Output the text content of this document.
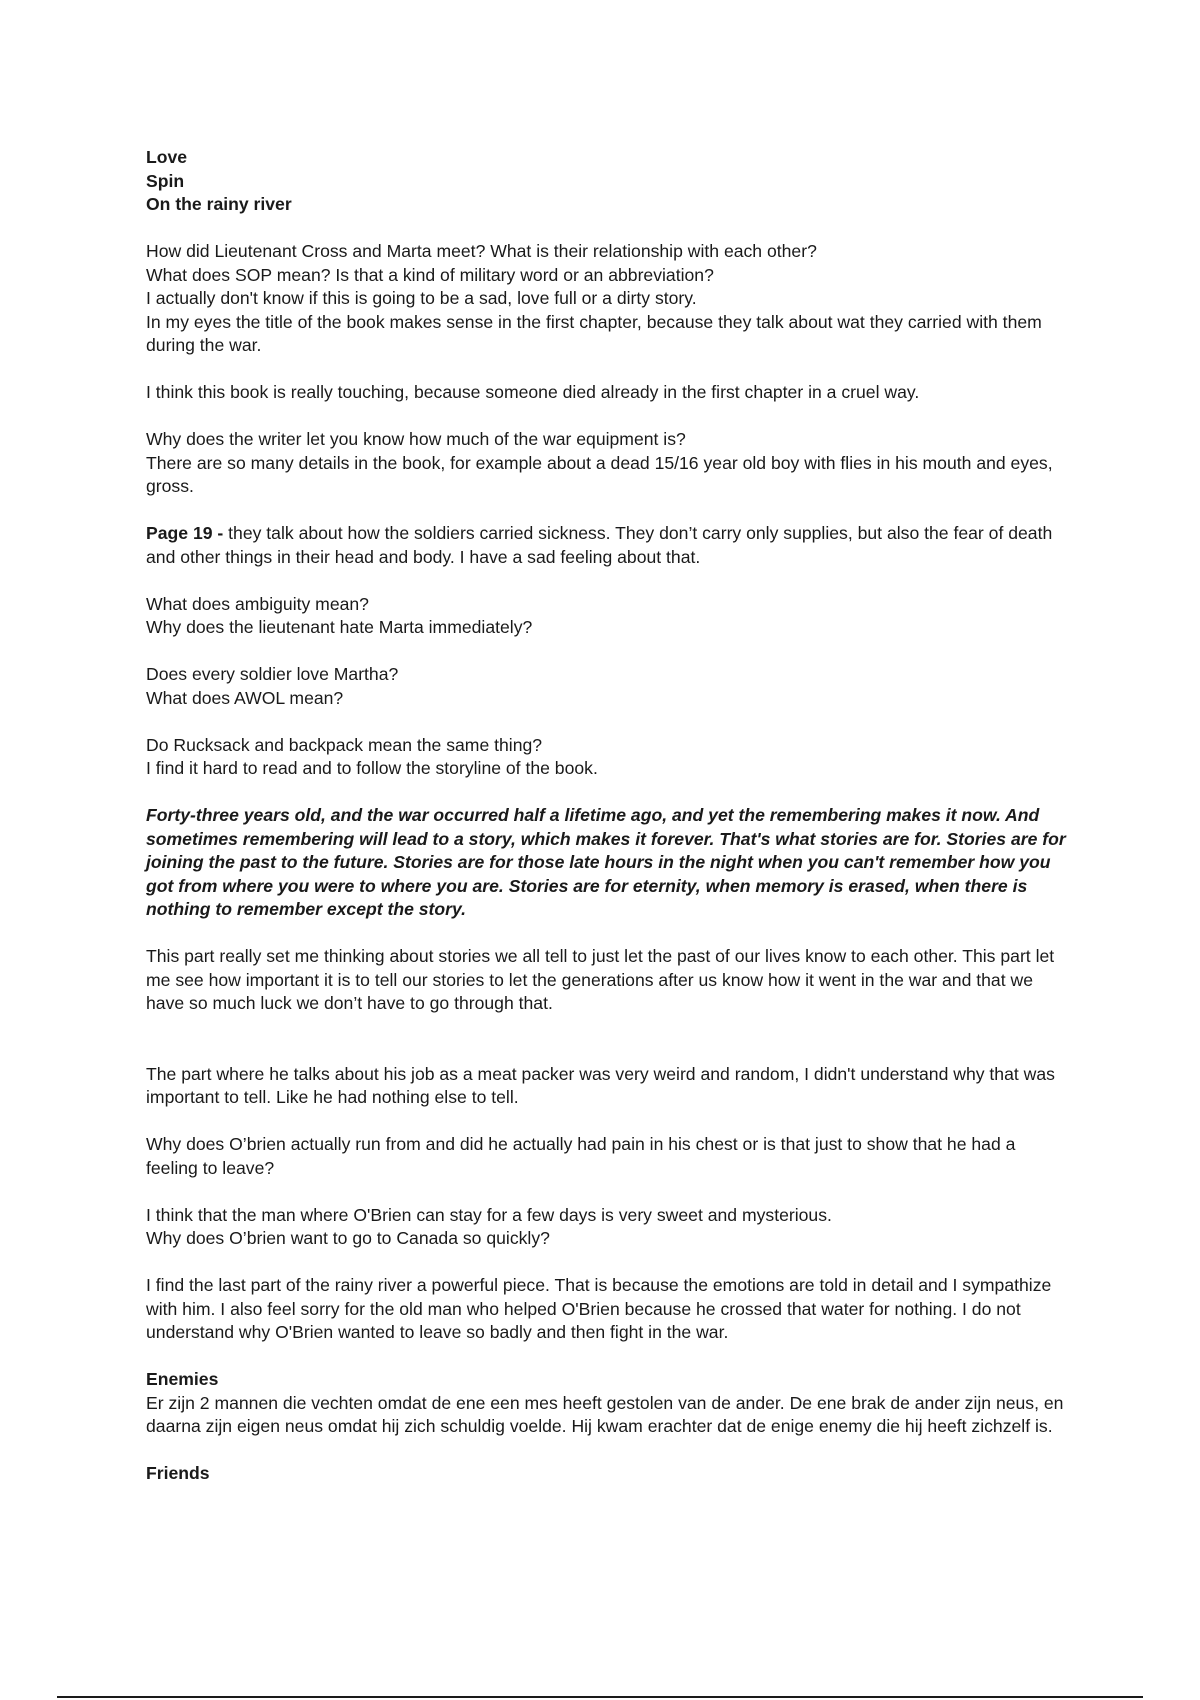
Love
Spin
On the rainy river

How did Lieutenant Cross and Marta meet? What is their relationship with each other?
What does SOP mean? Is that a kind of military word or an abbreviation?
I actually don't know if this is going to be a sad, love full or a dirty story.
In my eyes the title of the book makes sense in the first chapter, because they talk about wat they carried with them during the war.

I think this book is really touching, because someone died already in the first chapter in a cruel way.

Why does the writer let you know how much of the war equipment is?
There are so many details in the book, for example about a dead 15/16 year old boy with flies in his mouth and eyes, gross.

Page 19 - they talk about how the soldiers carried sickness. They don’t carry only supplies, but also the fear of death and other things in their head and body. I have a sad feeling about that.

What does ambiguity mean?
Why does the lieutenant hate Marta immediately?

Does every soldier love Martha?
What does AWOL mean?

Do Rucksack and backpack mean the same thing?
I find it hard to read and to follow the storyline of the book.

Forty-three years old, and the war occurred half a lifetime ago, and yet the remembering makes it now. And sometimes remembering will lead to a story, which makes it forever. That's what stories are for. Stories are for joining the past to the future. Stories are for those late hours in the night when you can't remember how you got from where you were to where you are. Stories are for eternity, when memory is erased, when there is nothing to remember except the story.

This part really set me thinking about stories we all tell to just let the past of our lives know to each other. This part let me see how important it is to tell our stories to let the generations after us know how it went in the war and that we have so much luck we don’t have to go through that.

The part where he talks about his job as a meat packer was very weird and random, I didn't understand why that was important to tell. Like he had nothing else to tell.

Why does O’brien actually run from and did he actually had pain in his chest or is that just to show that he had a feeling to leave?

I think that the man where O'Brien can stay for a few days is very sweet and mysterious.
Why does O’brien want to go to Canada so quickly?

I find the last part of the rainy river a powerful piece. That is because the emotions are told in detail and I sympathize with him. I also feel sorry for the old man who helped O'Brien because he crossed that water for nothing. I do not understand why O'Brien wanted to leave so badly and then fight in the war.

Enemies
Er zijn 2 mannen die vechten omdat de ene een mes heeft gestolen van de ander. De ene brak de ander zijn neus, en daarna zijn eigen neus omdat hij zich schuldig voelde. Hij kwam erachter dat de enige enemy die hij heeft zichzelf is.

Friends
